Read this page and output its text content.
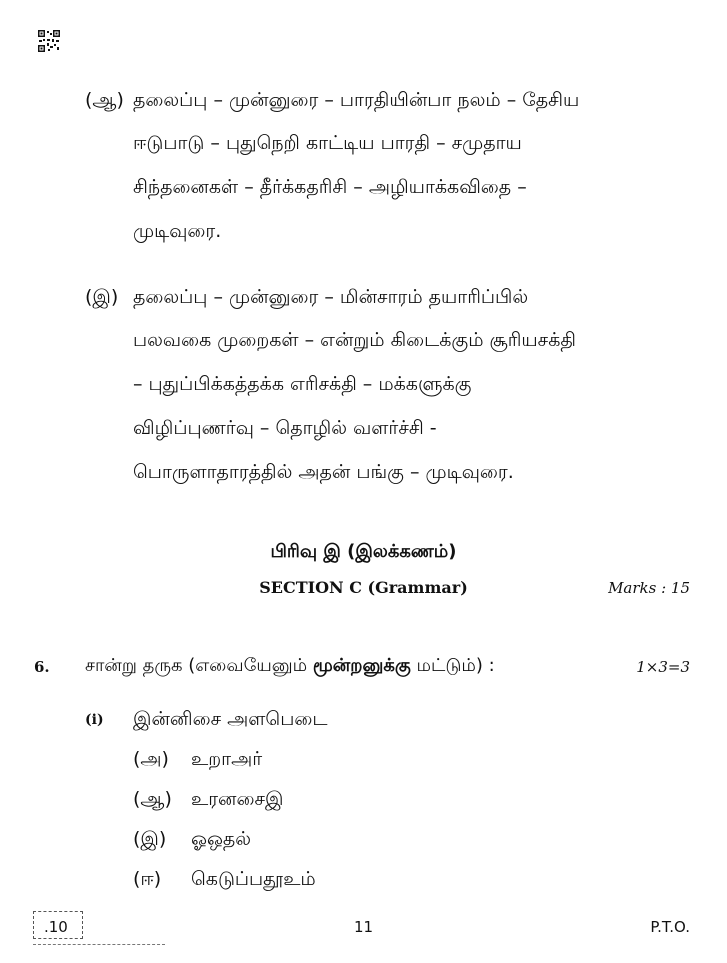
(ஆ) தலைப்பு – முன்னுரை – பாரதியின்பா நலம் – தேசிய
ஈடுபாடு – புதுநெறி காட்டிய பாரதி – சமுதாய
சிந்தனைகள் – தீர்க்கதரிசி – அழியாக்கவிதை –
முடிவுரை.
(இ) தலைப்பு – முன்னுரை – மின்சாரம் தயாரிப்பில்
பலவகை முறைகள் – என்றும் கிடைக்கும் சூரியசக்தி
– புதுப்பிக்கத்தக்க எரிசக்தி – மக்களுக்கு
விழிப்புணர்வு – தொழில் வளர்ச்சி -
பொருளாதாரத்தில் அதன் பங்கு – முடிவுரை.
பிரிவு இ (இலக்கணம்)
SECTION C (Grammar)	Marks : 15
6. சான்று தருக (எவையேனும் மூன்றனுக்கு மட்டும்) :	1×3=3
(i) இன்னிசை அளபெடை
(அ) உறாஅர்
(ஆ) உரனசைஇ
(இ) ஓஒதல்
(ஈ) கெடுப்பதூஉம்
.10	11	P.T.O.
